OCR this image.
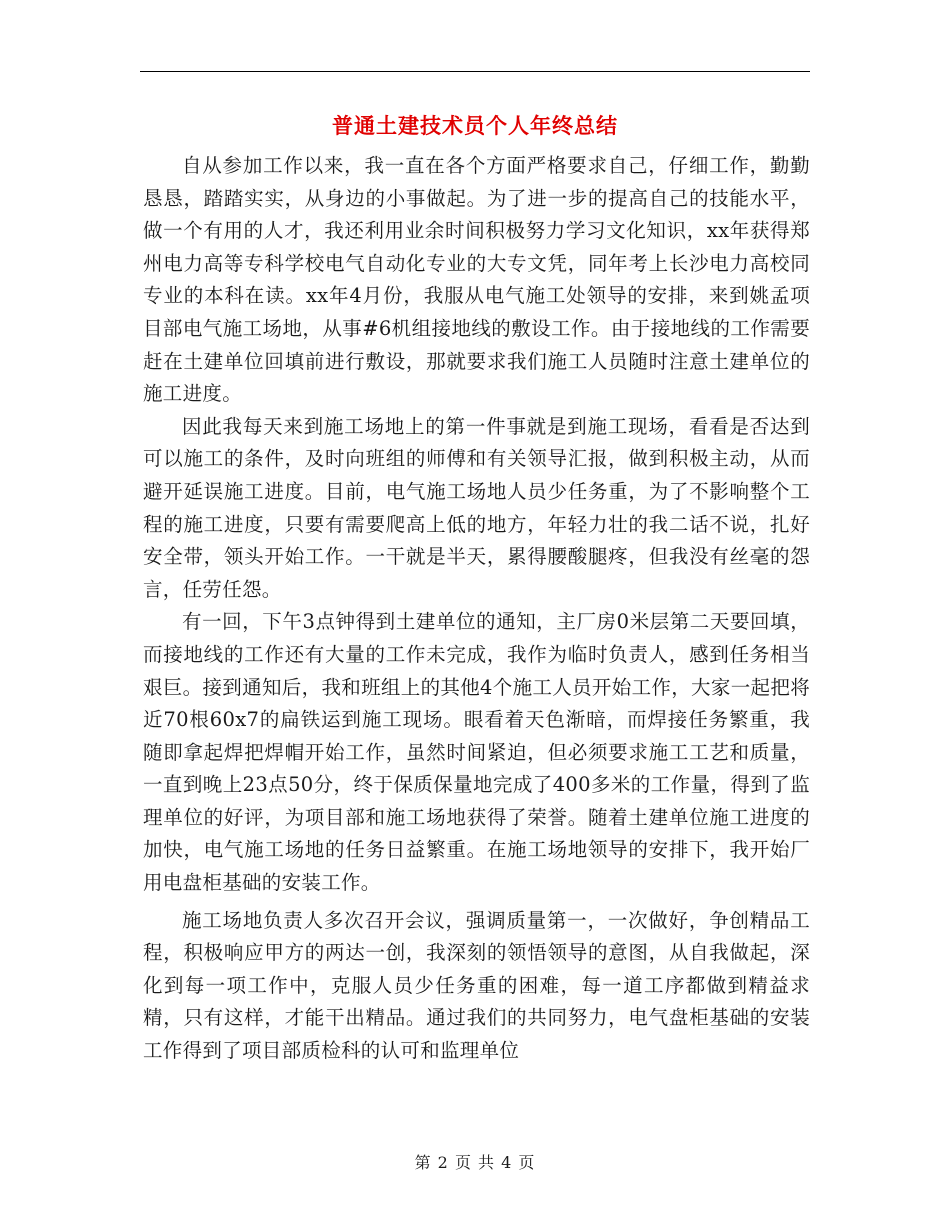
普通土建技术员个人年终总结

自从参加工作以来，我一直在各个方面严格要求自己，仔细工作，勤勤恳恳，踏踏实实，从身边的小事做起。为了进一步的提高自己的技能水平，做一个有用的人才，我还利用业余时间积极努力学习文化知识，xx年获得郑州电力高等专科学校电气自动化专业的大专文凭，同年考上长沙电力高校同专业的本科在读。xx年4月份，我服从电气施工处领导的安排，来到姚孟项目部电气施工场地，从事#6机组接地线的敷设工作。由于接地线的工作需要赶在土建单位回填前进行敷设，那就要求我们施工人员随时注意土建单位的施工进度。

因此我每天来到施工场地上的第一件事就是到施工现场，看看是否达到可以施工的条件，及时向班组的师傅和有关领导汇报，做到积极主动，从而避开延误施工进度。目前，电气施工场地人员少任务重，为了不影响整个工程的施工进度，只要有需要爬高上低的地方，年轻力壮的我二话不说，扎好安全带，领头开始工作。一干就是半天，累得腰酸腿疼，但我没有丝毫的怨言，任劳任怨。

有一回，下午3点钟得到土建单位的通知，主厂房0米层第二天要回填，而接地线的工作还有大量的工作未完成，我作为临时负责人，感到任务相当艰巨。接到通知后，我和班组上的其他4个施工人员开始工作，大家一起把将近70根60x7的扁铁运到施工现场。眼看着天色渐暗，而焊接任务繁重，我随即拿起焊把焊帽开始工作，虽然时间紧迫，但必须要求施工工艺和质量，一直到晚上23点50分，终于保质保量地完成了400多米的工作量，得到了监理单位的好评，为项目部和施工场地获得了荣誉。随着土建单位施工进度的加快，电气施工场地的任务日益繁重。在施工场地领导的安排下，我开始厂用电盘柜基础的安装工作。

施工场地负责人多次召开会议，强调质量第一，一次做好，争创精品工程，积极响应甲方的两达一创，我深刻的领悟领导的意图，从自我做起，深化到每一项工作中，克服人员少任务重的困难，每一道工序都做到精益求精，只有这样，才能干出精品。通过我们的共同努力，电气盘柜基础的安装工作得到了项目部质检科的认可和监理单位

第 2 页 共 4 页
